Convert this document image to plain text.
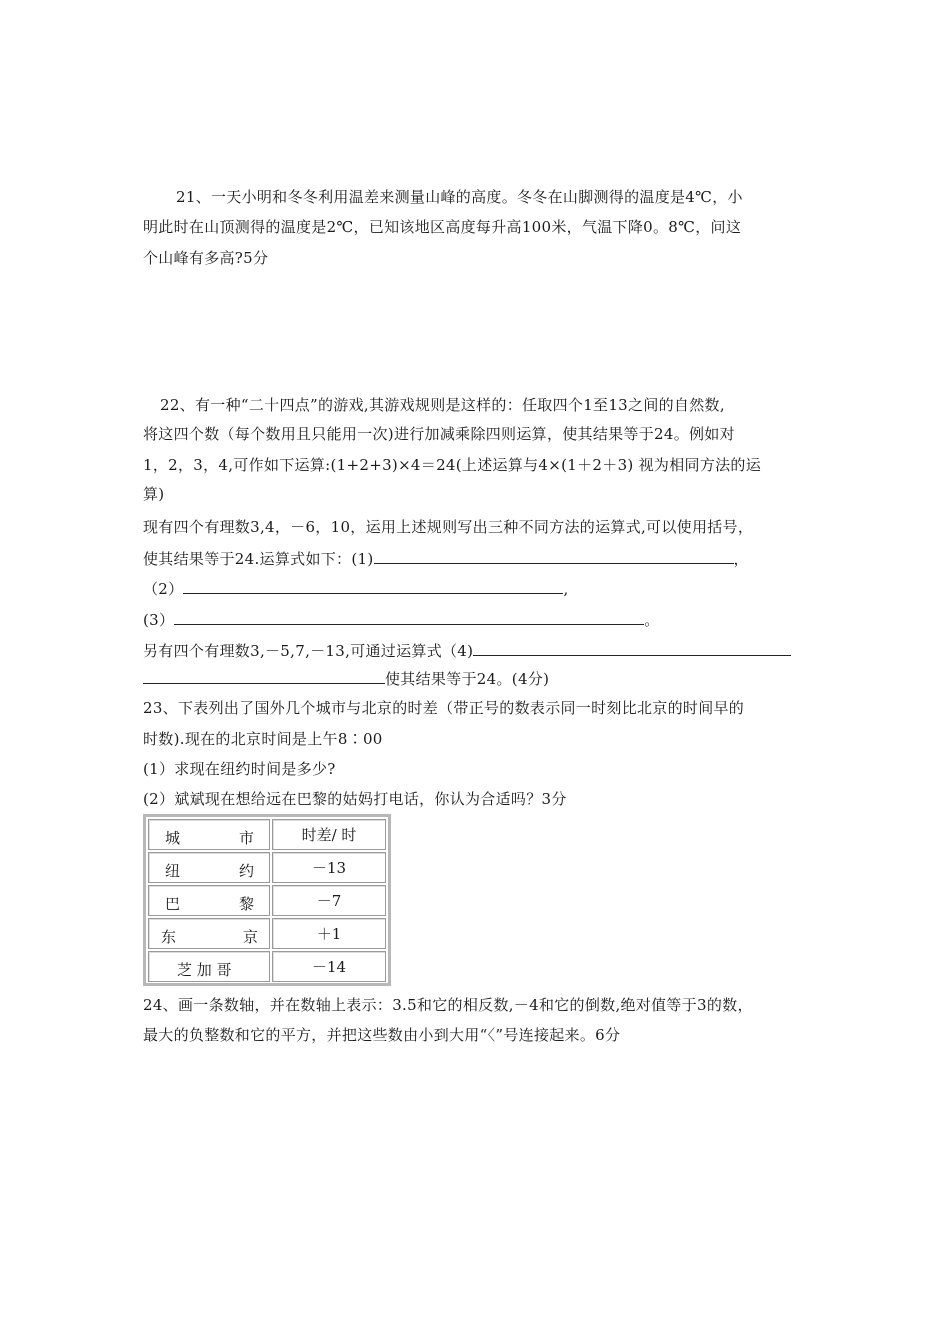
21、一天小明和冬冬利用温差来测量山峰的高度。冬冬在山脚测得的温度是4℃，小
明此时在山顶测得的温度是2℃，已知该地区高度每升高100米，气温下降0。8℃，问这
个山峰有多高?5分
22、有一种“二十四点”的游戏,其游戏规则是这样的：任取四个1至13之间的自然数,
将这四个数（每个数用且只能用一次)进行加减乘除四则运算，使其结果等于24。例如对
1，2，3，4,可作如下运算:(1+2+3)×4＝24(上述运算与4×(1＋2＋3) 视为相同方法的运
算)
现有四个有理数3,4，－6，10，运用上述规则写出三种不同方法的运算式,可以使用括号，
使其结果等于24.运算式如下：(1)	，
（2）	,
(3）	。
另有四个有理数3,－5,7,－13,可通过运算式（4)
使其结果等于24。(4分)
23、下表列出了国外几个城市与北京的时差（带正号的数表示同一时刻比北京的时间早的
时数).现在的北京时间是上午8∶00
(1）求现在纽约时间是多少?
(2）斌斌现在想给远在巴黎的姑妈打电话，你认为合适吗？3分
城 市	时差/ 时

纽 约	－13

巴 黎	－7

东 京	＋1

芝 加 哥	－14
24、画一条数轴，并在数轴上表示：3.5和它的相反数,－4和它的倒数,绝对值等于3的数，
最大的负整数和它的平方，并把这些数由小到大用“〈”号连接起来。6分
